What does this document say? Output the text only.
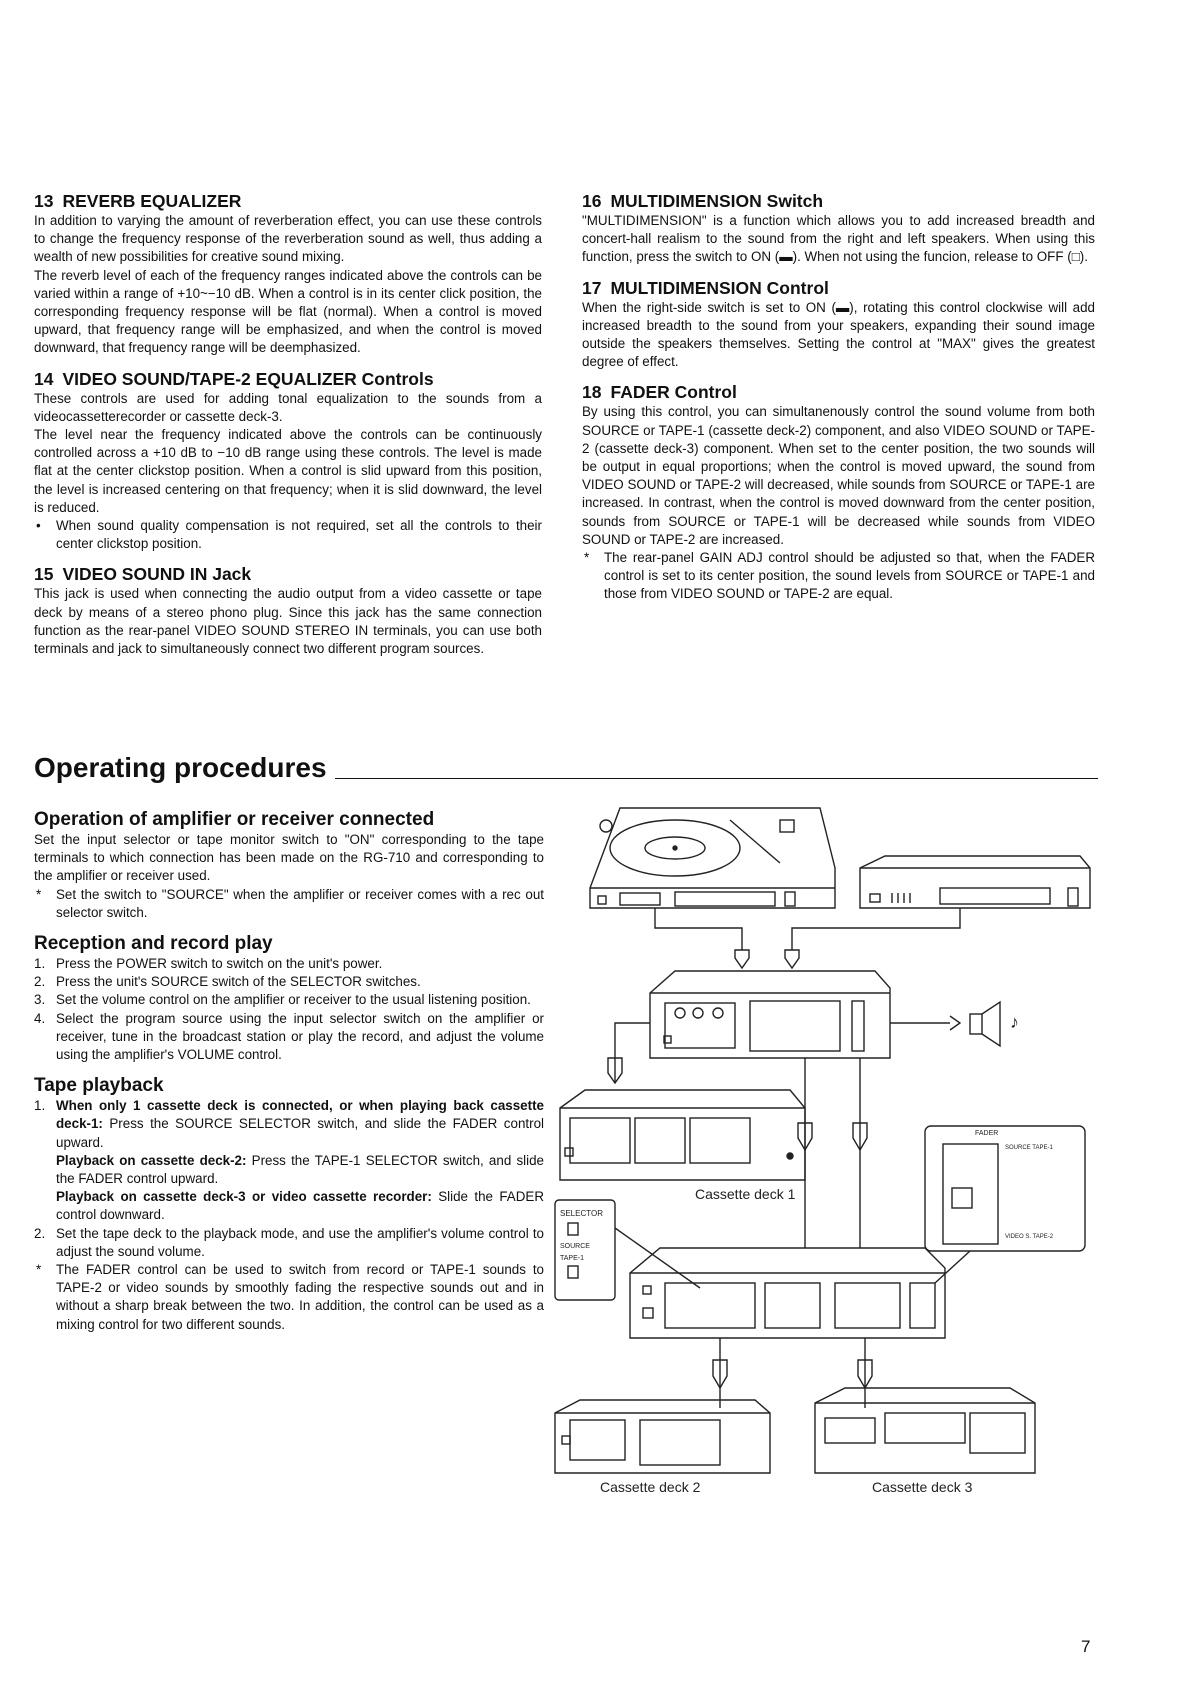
13 REVERB EQUALIZER

In addition to varying the amount of reverberation effect, you can use these controls to change the frequency response of the reverberation sound as well, thus adding a wealth of new possibilities for creative sound mixing.

The reverb level of each of the frequency ranges indicated above the controls can be varied within a range of +10~−10 dB. When a control is in its center click position, the corresponding frequency response will be flat (normal). When a control is moved upward, that frequency range will be emphasized, and when the control is moved downward, that frequency range will be deemphasized.

14 VIDEO SOUND/TAPE-2 EQUALIZER Controls

These controls are used for adding tonal equalization to the sounds from a videocassetterecorder or cassette deck-3.

The level near the frequency indicated above the controls can be continuously controlled across a +10 dB to −10 dB range using these controls. The level is made flat at the center clickstop position. When a control is slid upward from this position, the level is increased centering on that frequency; when it is slid downward, the level is reduced.

•	When sound quality compensation is not required, set all the controls to their center clickstop position.
15 VIDEO SOUND IN Jack

This jack is used when connecting the audio output from a video cassette or tape deck by means of a stereo phono plug. Since this jack has the same connection function as the rear-panel VIDEO SOUND STEREO IN terminals, you can use both terminals and jack to simultaneously connect two different program sources.

16 MULTIDIMENSION Switch

"MULTIDIMENSION" is a function which allows you to add increased breadth and concert-hall realism to the sound from the right and left speakers. When using this function, press the switch to ON (▬). When not using the funcion, release to OFF (□).

17 MULTIDIMENSION Control

When the right-side switch is set to ON (▬), rotating this control clockwise will add increased breadth to the sound from your speakers, expanding their sound image outside the speakers themselves. Setting the control at "MAX" gives the greatest degree of effect.

18 FADER Control

By using this control, you can simultanenously control the sound volume from both SOURCE or TAPE-1 (cassette deck-2) component, and also VIDEO SOUND or TAPE-2 (cassette deck-3) component. When set to the center position, the two sounds will be output in equal proportions; when the control is moved upward, the sound from VIDEO SOUND or TAPE-2 will decreased, while sounds from SOURCE or TAPE-1 are increased. In contrast, when the control is moved downward from the center position, sounds from SOURCE or TAPE-1 will be decreased while sounds from VIDEO SOUND or TAPE-2 are increased.

*	The rear-panel GAIN ADJ control should be adjusted so that, when the FADER control is set to its center position, the sound levels from SOURCE or TAPE-1 and those from VIDEO SOUND or TAPE-2 are equal.
Operating procedures
Operation of amplifier or receiver connected

Set the input selector or tape monitor switch to "ON" corresponding to the tape terminals to which connection has been made on the RG-710 and corresponding to the amplifier or receiver used.

*	Set the switch to "SOURCE" when the amplifier or receiver comes with a rec out selector switch.
Reception and record play
1. Press the POWER switch to switch on the unit's power.
2. Press the unit's SOURCE switch of the SELECTOR switches.
3. Set the volume control on the amplifier or receiver to the usual listening position.
4. Select the program source using the input selector switch on the amplifier or receiver, tune in the broadcast station or play the record, and adjust the volume using the amplifier's VOLUME control.
Tape playback
1. When only 1 cassette deck is connected, or when playing back cassette deck-1: Press the SOURCE SELECTOR switch, and slide the FADER control upward.
Playback on cassette deck-2: Press the TAPE-1 SELECTOR switch, and slide the FADER control upward.
Playback on cassette deck-3 or video cassette recorder: Slide the FADER control downward.
2. Set the tape deck to the playback mode, and use the amplifier's volume control to adjust the sound volume.
*	The FADER control can be used to switch from record or TAPE-1 sounds to TAPE-2 or video sounds by smoothly fading the respective sounds out and in without a sharp break between the two. In addition, the control can be used as a mixing control for two different sounds.
♪
SELECTOR
SOURCE
TAPE-1
FADER
SOURCE TAPE-1
VIDEO S. TAPE-2
Cassette deck 1
Cassette deck 2	Cassette deck 3
7
